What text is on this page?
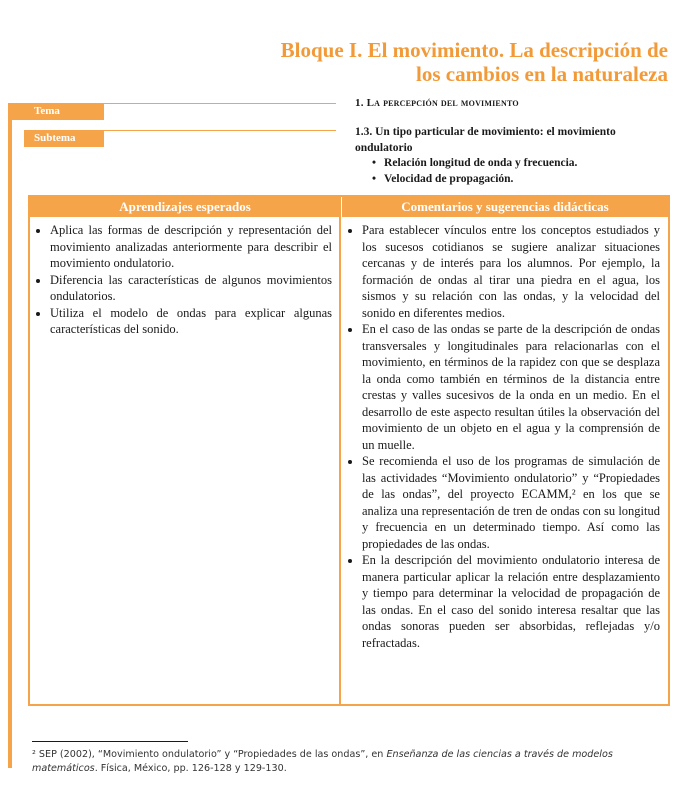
Bloque I. El movimiento. La descripción de
los cambios en la naturaleza
Tema
1. La percepción del movimiento
Subtema	1.3. Un tipo particular de movimiento: el movimiento ondulatorio
• Relación longitud de onda y frecuencia.
• Velocidad de propagación.
Aprendizajes esperados	Comentarios y sugerencias didácticas
• Aplica las formas de descripción y representación del movimiento analizadas anteriormente para describir el movimiento ondulatorio.
• Diferencia las características de algunos movimientos ondulatorios.
• Utiliza el modelo de ondas para explicar algunas características del sonido.
• Para establecer vínculos entre los conceptos estudiados y los sucesos cotidianos se sugiere analizar situaciones cercanas y de interés para los alumnos. Por ejemplo, la formación de ondas al tirar una piedra en el agua, los sismos y su relación con las ondas, y la velocidad del sonido en diferentes medios.
• En el caso de las ondas se parte de la descripción de ondas transversales y longitudinales para relacionarlas con el movimiento, en términos de la rapidez con que se desplaza la onda como también en términos de la distancia entre crestas y valles sucesivos de la onda en un medio. En el desarrollo de este aspecto resultan útiles la observación del movimiento de un objeto en el agua y la comprensión de un muelle.
• Se recomienda el uso de los programas de simulación de las actividades “Movimiento ondulatorio” y “Propiedades de las ondas”, del proyecto ECAMM,² en los que se analiza una representación de tren de ondas con su longitud y frecuencia en un determinado tiempo. Así como las propiedades de las ondas.
• En la descripción del movimiento ondulatorio interesa de manera particular aplicar la relación entre desplazamiento y tiempo para determinar la velocidad de propagación de las ondas. En el caso del sonido interesa resaltar que las ondas sonoras pueden ser absorbidas, reflejadas y/o refractadas.
² SEP (2002), “Movimiento ondulatorio” y “Propiedades de las ondas”, en Enseñanza de las ciencias a través de modelos matemáticos. Física, México, pp. 126-128 y 129-130.
